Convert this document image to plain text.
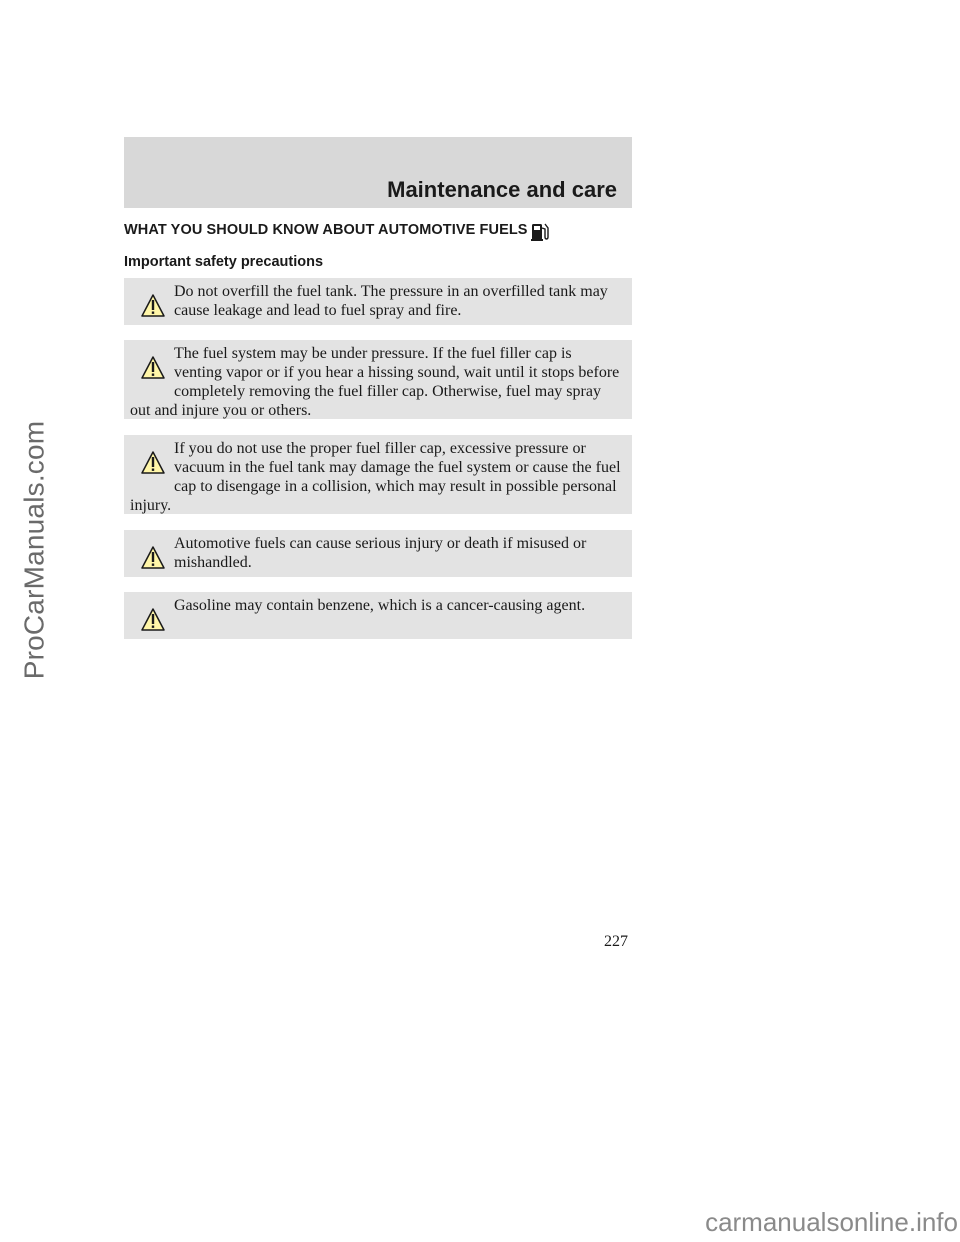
ProCarManuals.com
Maintenance and care
WHAT YOU SHOULD KNOW ABOUT AUTOMOTIVE FUELS
Important safety precautions
Do not overfill the fuel tank. The pressure in an overfilled tank may cause leakage and lead to fuel spray and fire.
The fuel system may be under pressure. If the fuel filler cap is venting vapor or if you hear a hissing sound, wait until it stops before completely removing the fuel filler cap. Otherwise, fuel may spray out and injure you or others.
If you do not use the proper fuel filler cap, excessive pressure or vacuum in the fuel tank may damage the fuel system or cause the fuel cap to disengage in a collision, which may result in possible personal injury.
Automotive fuels can cause serious injury or death if misused or mishandled.
Gasoline may contain benzene, which is a cancer-causing agent.
227
carmanualsonline.info
